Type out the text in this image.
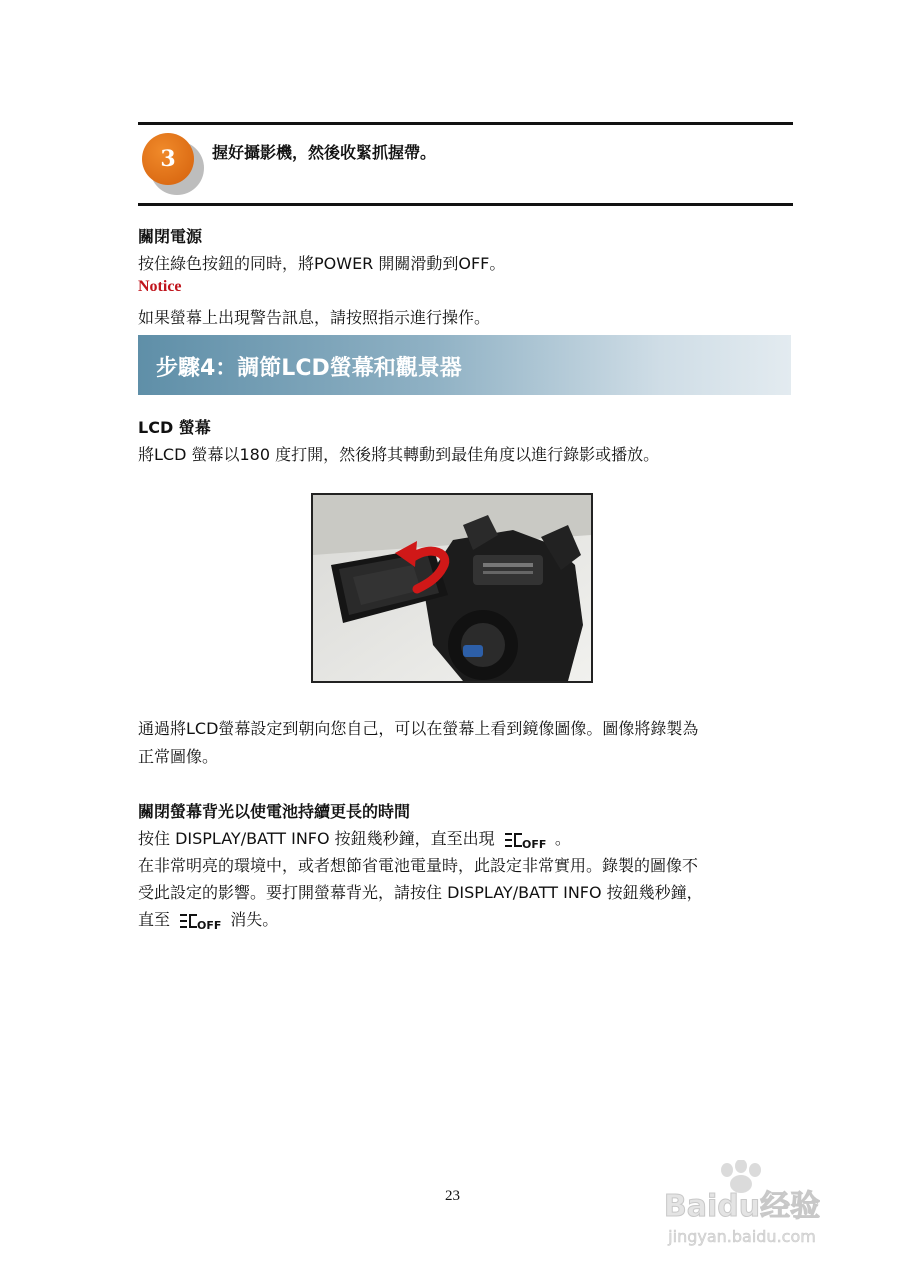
3	握好攝影機，然後收緊抓握帶。
關閉電源
按住綠色按鈕的同時，將POWER 開關滑動到OFF。
Notice
如果螢幕上出現警告訊息，請按照指示進行操作。
步驟4：調節LCD螢幕和觀景器
LCD 螢幕
將LCD 螢幕以180 度打開，然後將其轉動到最佳角度以進行錄影或播放。
通過將LCD螢幕設定到朝向您自己，可以在螢幕上看到鏡像圖像。圖像將錄製為
正常圖像。
關閉螢幕背光以使電池持續更長的時間
按住 DISPLAY/BATT INFO 按鈕幾秒鐘，直至出現 OFF 。
在非常明亮的環境中，或者想節省電池電量時，此設定非常實用。錄製的圖像不
受此設定的影響。要打開螢幕背光，請按住 DISPLAY/BATT INFO 按鈕幾秒鐘，
直至 OFF 消失。
23	Baidu经验
jingyan.baidu.com
